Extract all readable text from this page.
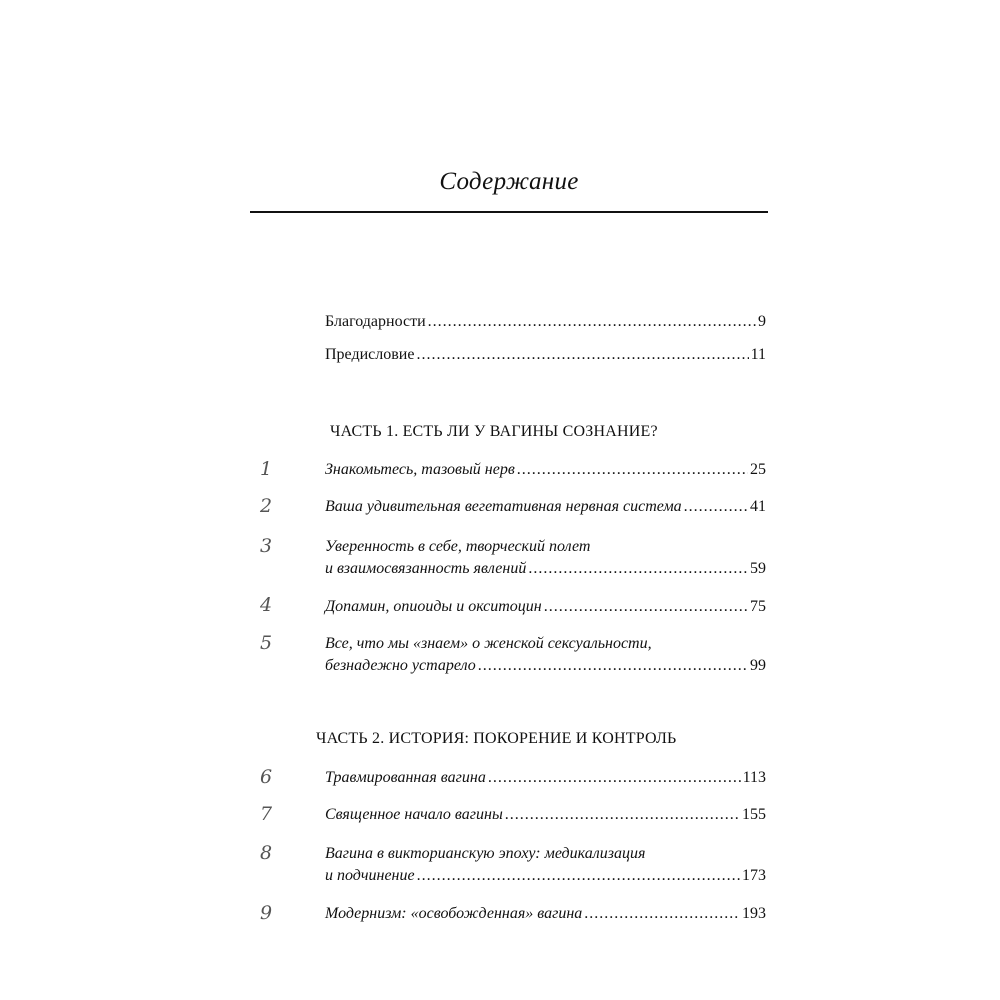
Содержание
Благодарности .....	9
Предисловие .....	11
ЧАСТЬ 1. ЕСТЬ ЛИ У ВАГИНЫ СОЗНАНИЕ?
1	Знакомьтесь, тазовый нерв .....	25
2	Ваша удивительная вегетативная нервная система .....	41
3	Уверенность в себе, творческий полет
и взаимосвязанность явлений .....	59
4	Допамин, опиоиды и окситоцин .....	75
5	Все, что мы «знаем» о женской сексуальности,
безнадежно устарело .....	99
ЧАСТЬ 2. ИСТОРИЯ: ПОКОРЕНИЕ И КОНТРОЛЬ
6	Травмированная вагина .....	113
7	Священное начало вагины .....	155
8	Вагина в викторианскую эпоху: медикализация
и подчинение .....	173
9	Модернизм: «освобожденная» вагина .....	193
